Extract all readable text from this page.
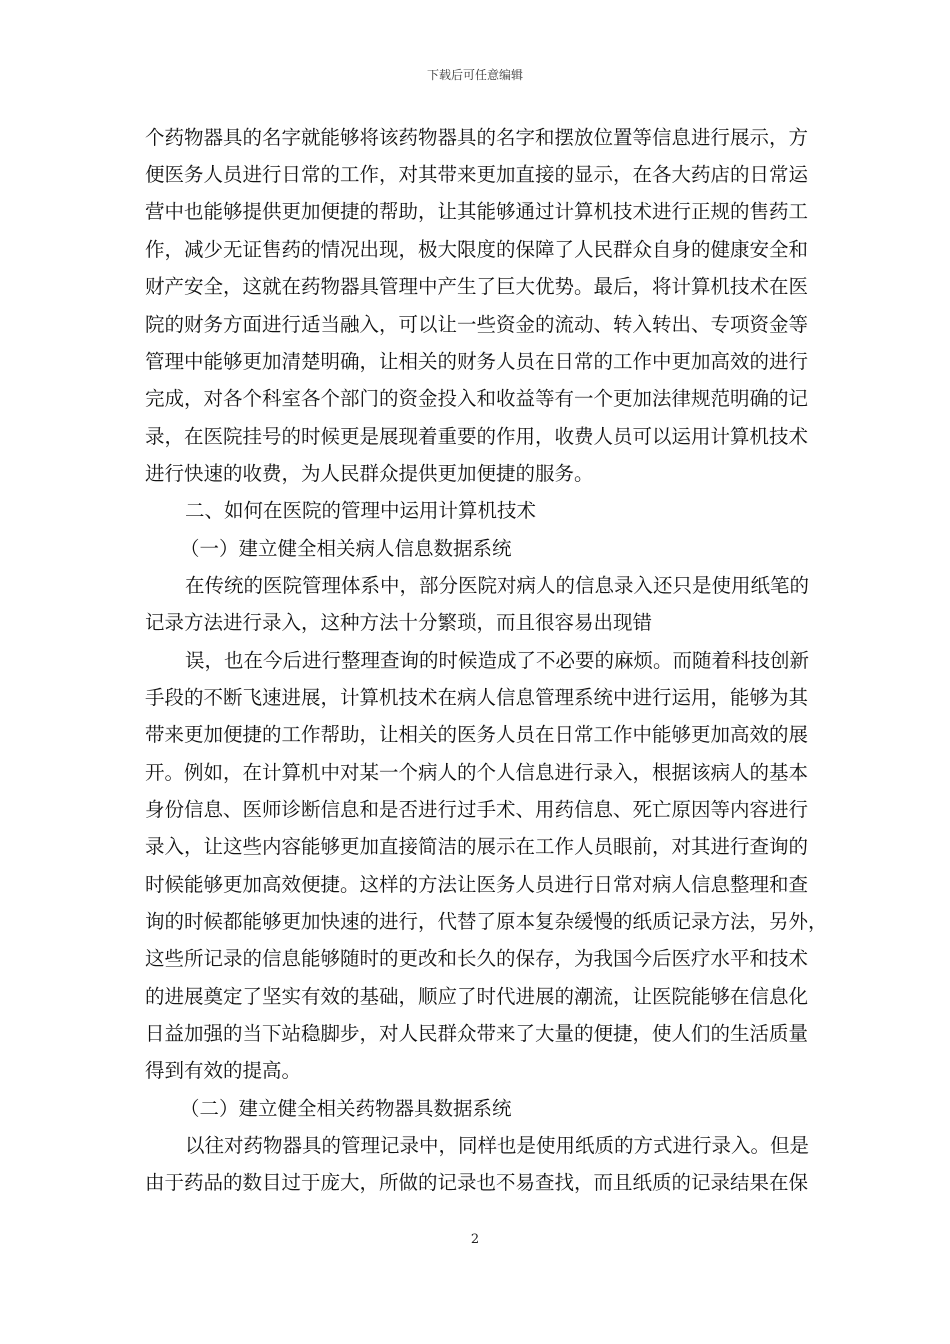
下载后可任意编辑
个药物器具的名字就能够将该药物器具的名字和摆放位置等信息进行展示，方
便医务人员进行日常的工作，对其带来更加直接的显示，在各大药店的日常运
营中也能够提供更加便捷的帮助，让其能够通过计算机技术进行正规的售药工
作，减少无证售药的情况出现，极大限度的保障了人民群众自身的健康安全和
财产安全，这就在药物器具管理中产生了巨大优势。最后，将计算机技术在医
院的财务方面进行适当融入，可以让一些资金的流动、转入转出、专项资金等
管理中能够更加清楚明确，让相关的财务人员在日常的工作中更加高效的进行
完成，对各个科室各个部门的资金投入和收益等有一个更加法律规范明确的记
录，在医院挂号的时候更是展现着重要的作用，收费人员可以运用计算机技术
进行快速的收费，为人民群众提供更加便捷的服务。
二、如何在医院的管理中运用计算机技术
（一）建立健全相关病人信息数据系统
在传统的医院管理体系中，部分医院对病人的信息录入还只是使用纸笔的
记录方法进行录入，这种方法十分繁琐，而且很容易出现错
误，也在今后进行整理查询的时候造成了不必要的麻烦。而随着科技创新
手段的不断飞速进展，计算机技术在病人信息管理系统中进行运用，能够为其
带来更加便捷的工作帮助，让相关的医务人员在日常工作中能够更加高效的展
开。例如，在计算机中对某一个病人的个人信息进行录入，根据该病人的基本
身份信息、医师诊断信息和是否进行过手术、用药信息、死亡原因等内容进行
录入，让这些内容能够更加直接简洁的展示在工作人员眼前，对其进行查询的
时候能够更加高效便捷。这样的方法让医务人员进行日常对病人信息整理和查
询的时候都能够更加快速的进行，代替了原本复杂缓慢的纸质记录方法，另外，
这些所记录的信息能够随时的更改和长久的保存，为我国今后医疗水平和技术
的进展奠定了坚实有效的基础，顺应了时代进展的潮流，让医院能够在信息化
日益加强的当下站稳脚步，对人民群众带来了大量的便捷，使人们的生活质量
得到有效的提高。
（二）建立健全相关药物器具数据系统
以往对药物器具的管理记录中，同样也是使用纸质的方式进行录入。但是
由于药品的数目过于庞大，所做的记录也不易查找，而且纸质的记录结果在保
2
